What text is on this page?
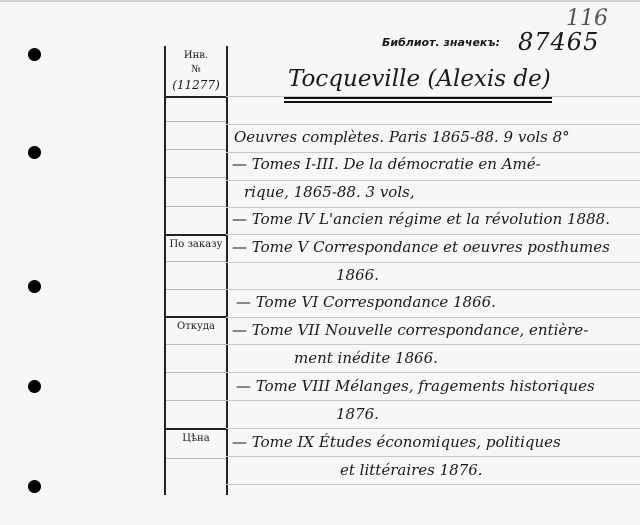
Инв.
№
(11277)
По заказу
Откуда
Цѣна
Библиот. значекъ: 87465
116
Tocqueville (Alexis de)
Oeuvres complètes. Paris 1865-88. 9 vols 8°
— Tomes I-III. De la démocratie en Amé-
rique, 1865-88. 3 vols,
— Tome IV L'ancien régime et la révolution 1888.
— Tome V Correspondance et oeuvres posthumes
1866.
— Tome VI Correspondance 1866.
— Tome VII Nouvelle correspondance, entière-
ment inédite 1866.
— Tome VIII Mélanges, fragements historiques
1876.
— Tome IX Études économiques, politiques
et littéraires 1876.
